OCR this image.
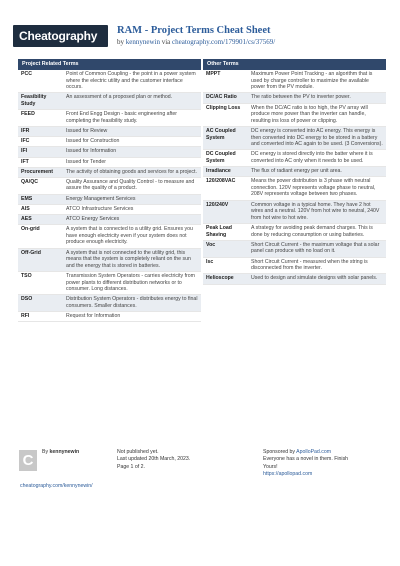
Cheatography	RAM - Project Terms Cheat Sheet
by kennynewin via cheatography.com/179901/cs/37569/
Project Related Terms
PCC	Point of Common Coupling - the point in a power system where the electric utility and the customer interface occurs.
Feasibility Study	An assessment of a proposed plan or method.
FEED	Front End Engg Design - basic engineering after completing the feasibility study.
IFR	Issued for Review
IFC	Issued for Construction
IFI	Issued for Information
IFT	Issued for Tender
Procurement	The activity of obtaining goods and services for a project.
QA/QC	Quality Assurance and Quality Control - to measure and assure the quality of a product.
EMS	Energy Management Services
AIS	ATCO Infrastructure Services
AES	ATCO Energy Services
On-grid	A system that is connected to a utility grid. Ensures you have enough electricity even if your system does not produce enough electricity.
Off-Grid	A system that is not connected to the utility grid, this means that the system is completely reliant on the sun and the energy that is stored in batteries.
TSO	Transmission System Operators - carries electricity from power plants to different distribution networks or to consumer. Long distances.
DSO	Distribution System Operators - distributes energy to final consumers. Smaller distances.
RFI	Request for Information
Other Terms
MPPT	Maximum Power Point Tracking - an algorithm that is used by charge controller to maximize the available power from the PV module.
DC/AC Ratio	The ratio between the PV to inverter power.
Clipping Loss	When the DC/AC ratio is too high, the PV array will produce more power than the inverter can handle, resulting ins loss of power or clipping.
AC Coupled System	DC energy is converted into AC energy. This energy is then converted into DC energy to be stored in a battery and converted into AC again to be used. (3 Conversions).
DC Coupled System	DC energy is stored directly into the batter where it is converted into AC only when it needs to be used.
Irradiance	The flux of radiant energy per unit area.
120/208VAC	Means the power distribution is 3 phase with neutral connection. 120V represents voltage phase to neutral, 208V represents voltage between two phases.
120/240V	Common voltage in a typical home. They have 2 hot wires and a neutral. 120V from hot wire to neutral, 240V from hot wire to hot wire.
Peak Load Shaving	A strategy for avoiding peak demand charges. This is done by reducing consumption or using batteries.
Voc	Short Circuit Current - the maximum voltage that a solar panel can produce with no load on it.
Isc	Short Circuit Current - measured when the string is disconnected from the inverter.
Helioscope	Used to design and simulate designs with solar panels.
C	By kennynewin
cheatography.com/kennynewin/
Not published yet.
Last updated 20th March, 2023.
Page 1 of 2.
Sponsored by ApolloPad.com
Everyone has a novel in them. Finish
Yours!
https://apollopad.com
